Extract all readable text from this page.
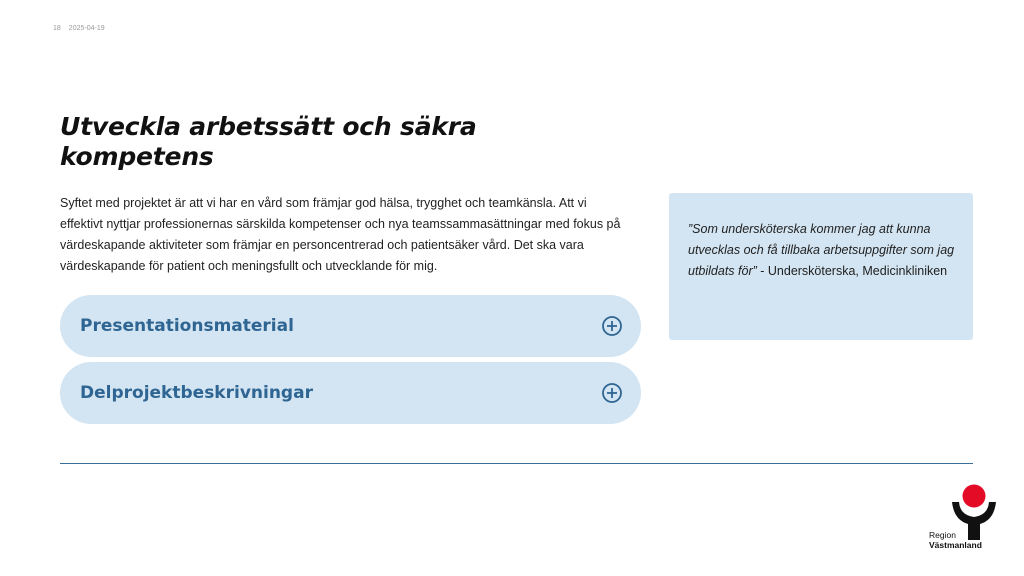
18 2025-04-19
Utveckla arbetssätt och säkra kompetens

Syftet med projektet är att vi har en vård som främjar god hälsa, trygghet och teamkänsla. Att vi effektivt nyttjar professionernas särskilda kompetenser och nya teamssammasättningar med fokus på värdeskapande aktiviteter som främjar en personcentrerad och patientsäker vård. Det ska vara värdeskapande för patient och meningsfullt och utvecklande för mig.

Presentationsmaterial
Delprojektbeskrivningar
”Som undersköterska kommer jag att kunna utvecklas och få tillbaka arbetsuppgifter som jag utbildats för” - Undersköterska, Medicinkliniken
Region
Västmanland
